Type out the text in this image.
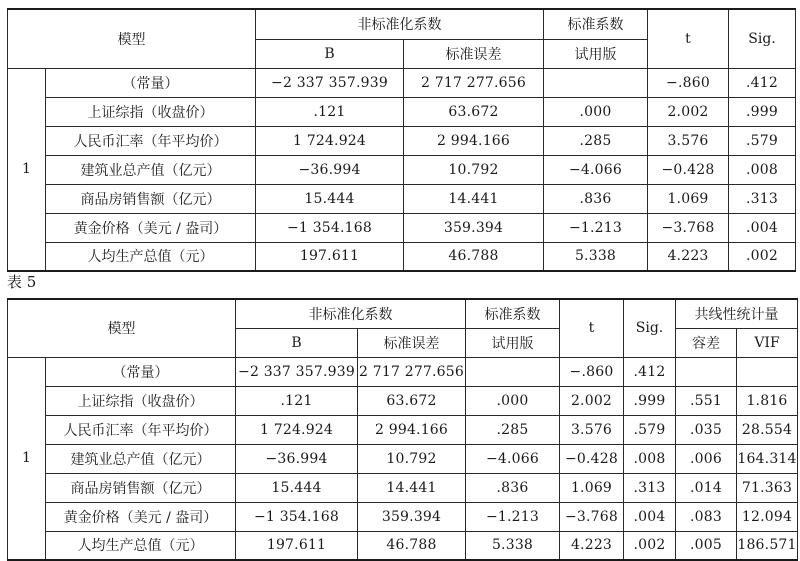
模型		非标准化系数		标准系数	t	Sig.
		B	标准误差	试用版		
1	（常量）	−2 337 357.939	2 717 277.656		−.860	.412
	上证综指（收盘价）	.121	63.672	.000	2.002	.999
	人民币汇率（年平均价）	1 724.924	2 994.166	.285	3.576	.579
	建筑业总产值（亿元）	−36.994	10.792	−4.066	−0.428	.008
	商品房销售额（亿元）	15.444	14.441	.836	1.069	.313
	黄金价格（美元 / 盎司）	−1 354.168	359.394	−1.213	−3.768	.004
	人均生产总值（元）	197.611	46.788	5.338	4.223	.002
表 5
模型		非标准化系数		标准系数	t	Sig.	共线性统计量	
		B	标准误差	试用版			容差	VIF
1	（常量）	−2 337 357.939	2 717 277.656		−.860	.412		
	上证综指（收盘价）	.121	63.672	.000	2.002	.999	.551	1.816
	人民币汇率（年平均价）	1 724.924	2 994.166	.285	3.576	.579	.035	28.554
	建筑业总产值（亿元）	−36.994	10.792	−4.066	−0.428	.008	.006	164.314
	商品房销售额（亿元）	15.444	14.441	.836	1.069	.313	.014	71.363
	黄金价格（美元 / 盎司）	−1 354.168	359.394	−1.213	−3.768	.004	.083	12.094
	人均生产总值（元）	197.611	46.788	5.338	4.223	.002	.005	186.571
